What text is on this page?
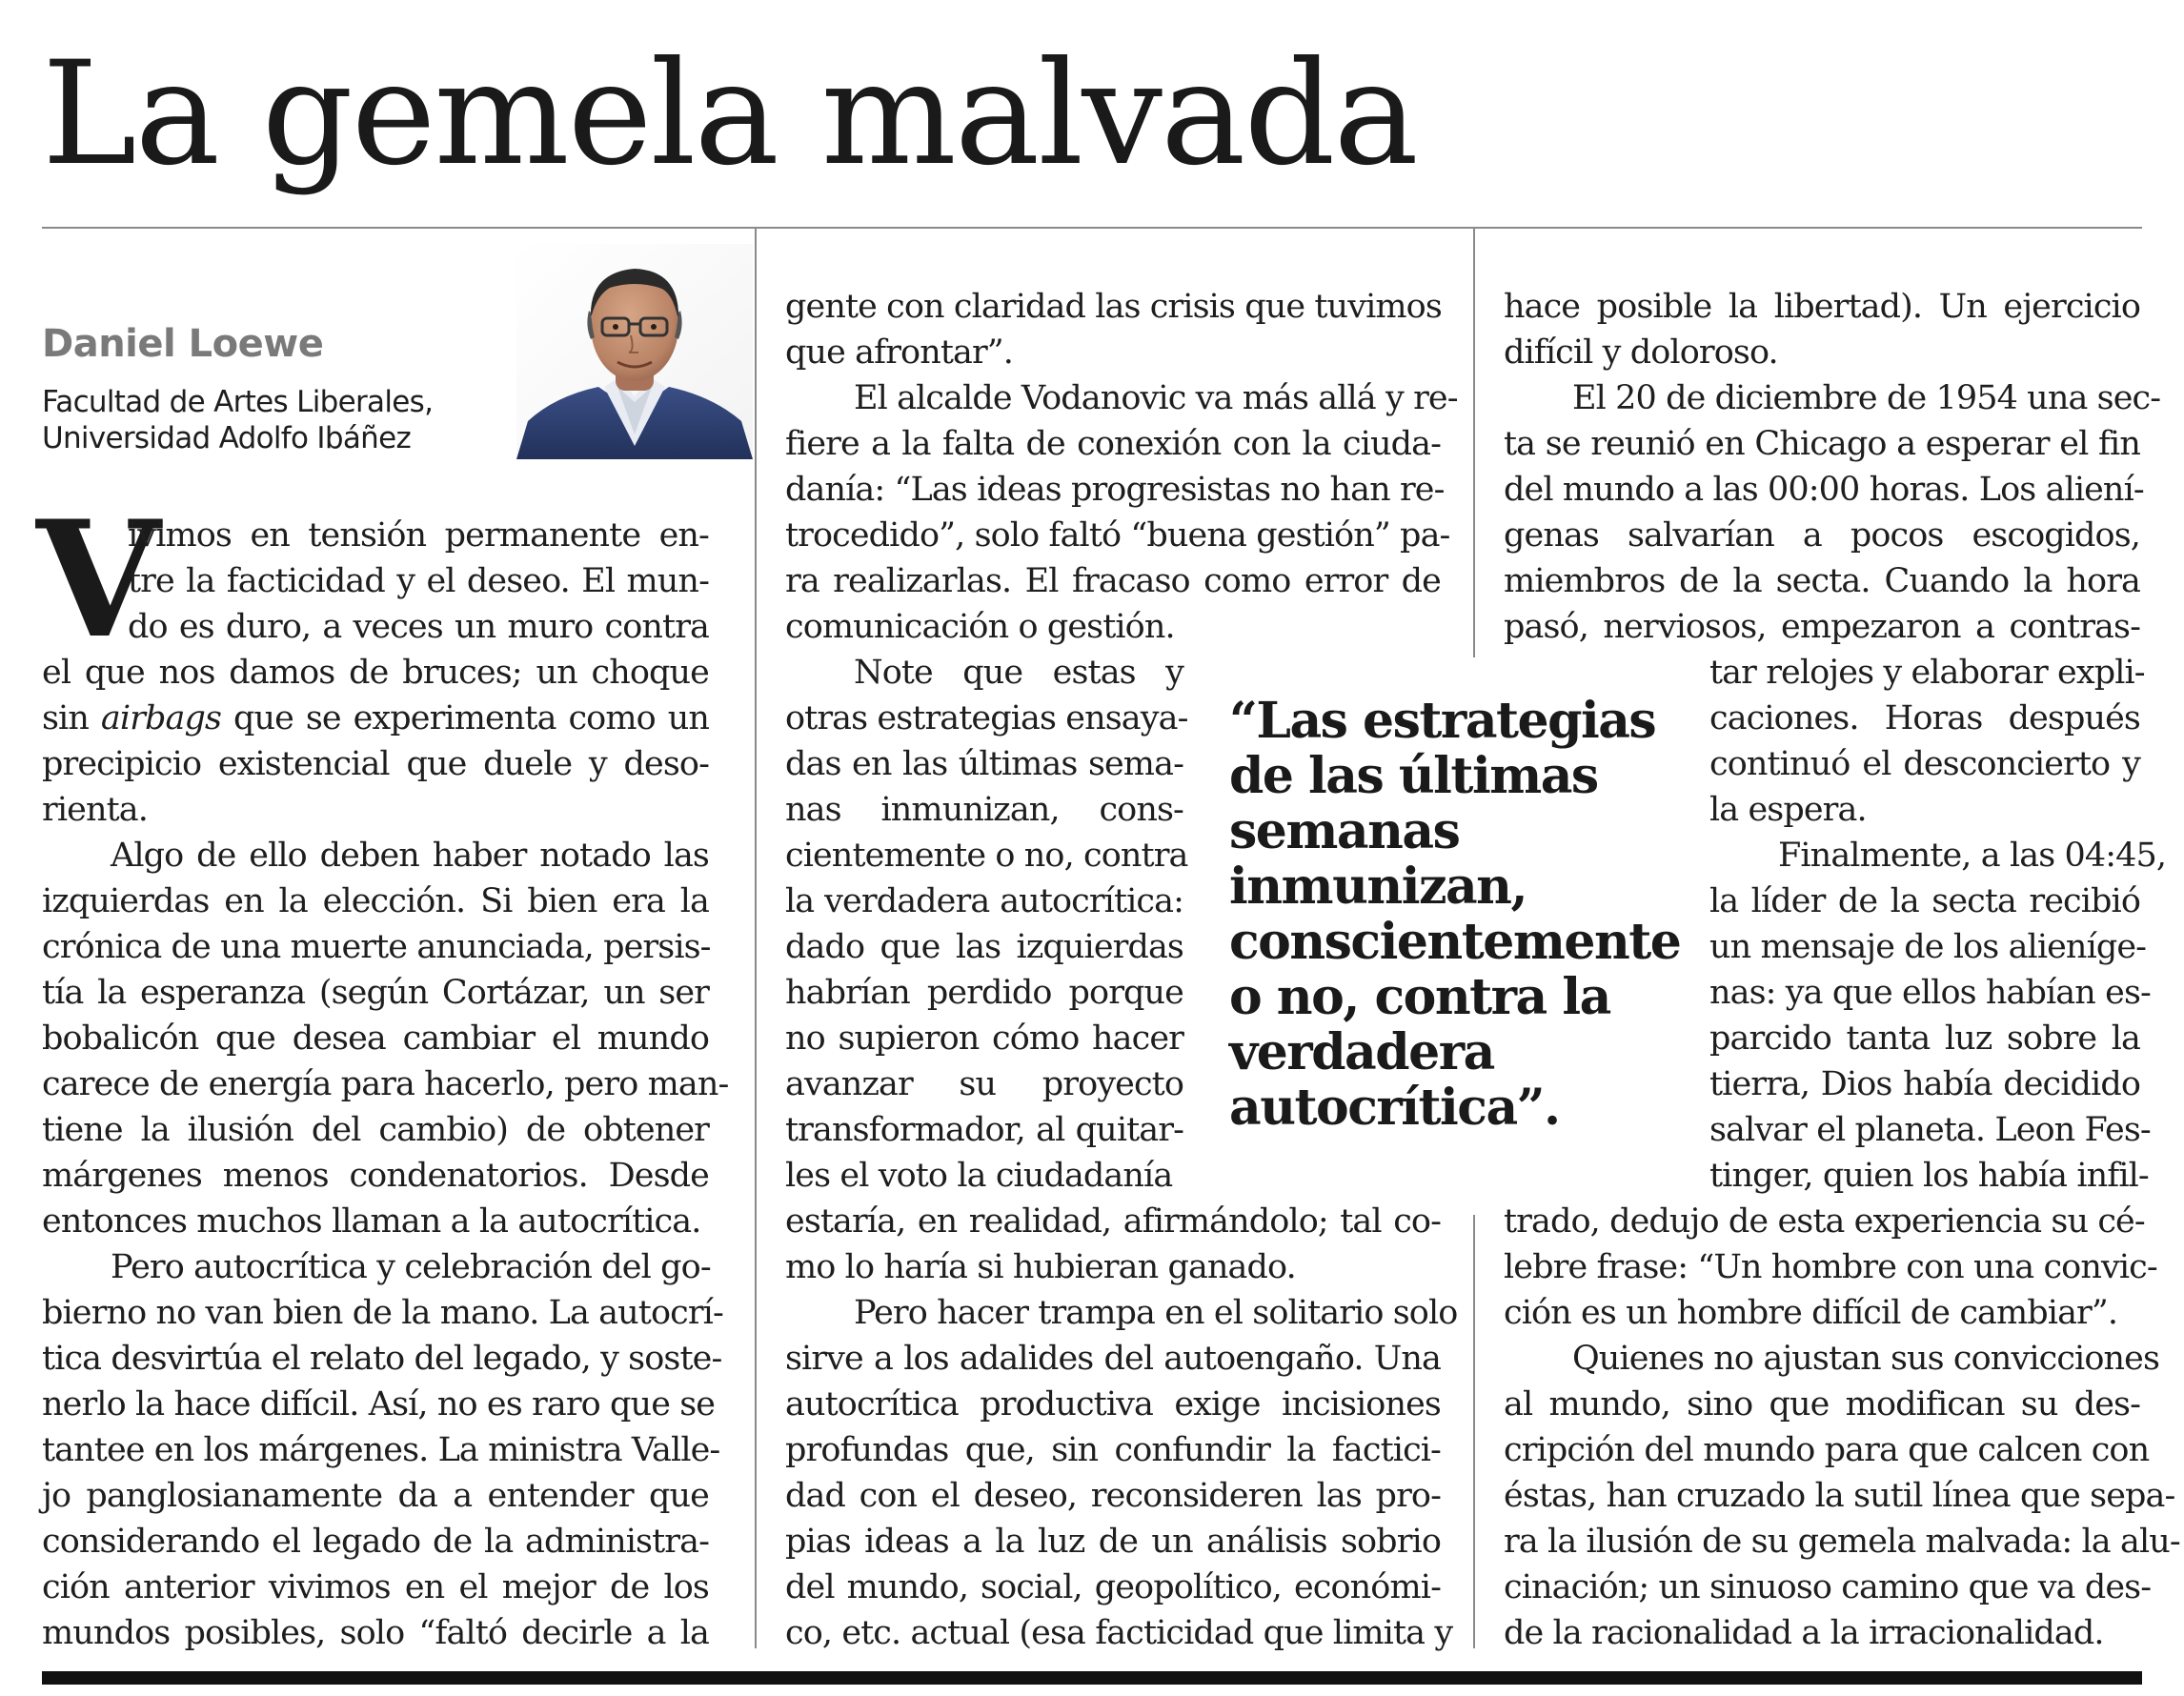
La gemela malvada

Daniel Loewe

Facultad de Artes Liberales,

Universidad Adolfo Ibáñez

V
ivimos en tensión permanente en-
tre la facticidad y el deseo. El mun-
do es duro, a veces un muro contra
el que nos damos de bruces; un choque
sin airbags que se experimenta como un
precipicio existencial que duele y deso-
rienta.
Algo de ello deben haber notado las
izquierdas en la elección. Si bien era la
crónica de una muerte anunciada, persis-
tía la esperanza (según Cortázar, un ser
bobalicón que desea cambiar el mundo
carece de energía para hacerlo, pero man-
tiene la ilusión del cambio) de obtener
márgenes menos condenatorios. Desde
entonces muchos llaman a la autocrítica.
Pero autocrítica y celebración del go-
bierno no van bien de la mano. La autocrí-
tica desvirtúa el relato del legado, y soste-
nerlo la hace difícil. Así, no es raro que se
tantee en los márgenes. La ministra Valle-
jo panglosianamente da a entender que
considerando el legado de la administra-
ción anterior vivimos en el mejor de los
mundos posibles, solo “faltó decirle a la
gente con claridad las crisis que tuvimos
que afrontar”.
El alcalde Vodanovic va más allá y re-
fiere a la falta de conexión con la ciuda-
danía: “Las ideas progresistas no han re-
trocedido”, solo faltó “buena gestión” pa-
ra realizarlas. El fracaso como error de
comunicación o gestión.
Note que estas y
otras estrategias ensaya-
das en las últimas sema-
nas inmunizan, cons-
cientemente o no, contra
la verdadera autocrítica:
dado que las izquierdas
habrían perdido porque
no supieron cómo hacer
avanzar su proyecto
transformador, al quitar-
les el voto la ciudadanía
estaría, en realidad, afirmándolo; tal co-
mo lo haría si hubieran ganado.
Pero hacer trampa en el solitario solo
sirve a los adalides del autoengaño. Una
autocrítica productiva exige incisiones
profundas que, sin confundir la factici-
dad con el deseo, reconsideren las pro-
pias ideas a la luz de un análisis sobrio
del mundo, social, geopolítico, económi-
co, etc. actual (esa facticidad que limita y
“Las estrategias
de las últimas
semanas
inmunizan,
conscientemente
o no, contra la
verdadera
autocrítica”.
hace posible la libertad). Un ejercicio
difícil y doloroso.
El 20 de diciembre de 1954 una sec-
ta se reunió en Chicago a esperar el fin
del mundo a las 00:00 horas. Los aliení-
genas salvarían a pocos escogidos,
miembros de la secta. Cuando la hora
pasó, nerviosos, empezaron a contras-
tar relojes y elaborar expli-
caciones. Horas después
continuó el desconcierto y
la espera.
Finalmente, a las 04:45,
la líder de la secta recibió
un mensaje de los alieníge-
nas: ya que ellos habían es-
parcido tanta luz sobre la
tierra, Dios había decidido
salvar el planeta. Leon Fes-
tinger, quien los había infil-
trado, dedujo de esta experiencia su cé-
lebre frase: “Un hombre con una convic-
ción es un hombre difícil de cambiar”.
Quienes no ajustan sus convicciones
al mundo, sino que modifican su des-
cripción del mundo para que calcen con
éstas, han cruzado la sutil línea que sepa-
ra la ilusión de su gemela malvada: la alu-
cinación; un sinuoso camino que va des-
de la racionalidad a la irracionalidad.
